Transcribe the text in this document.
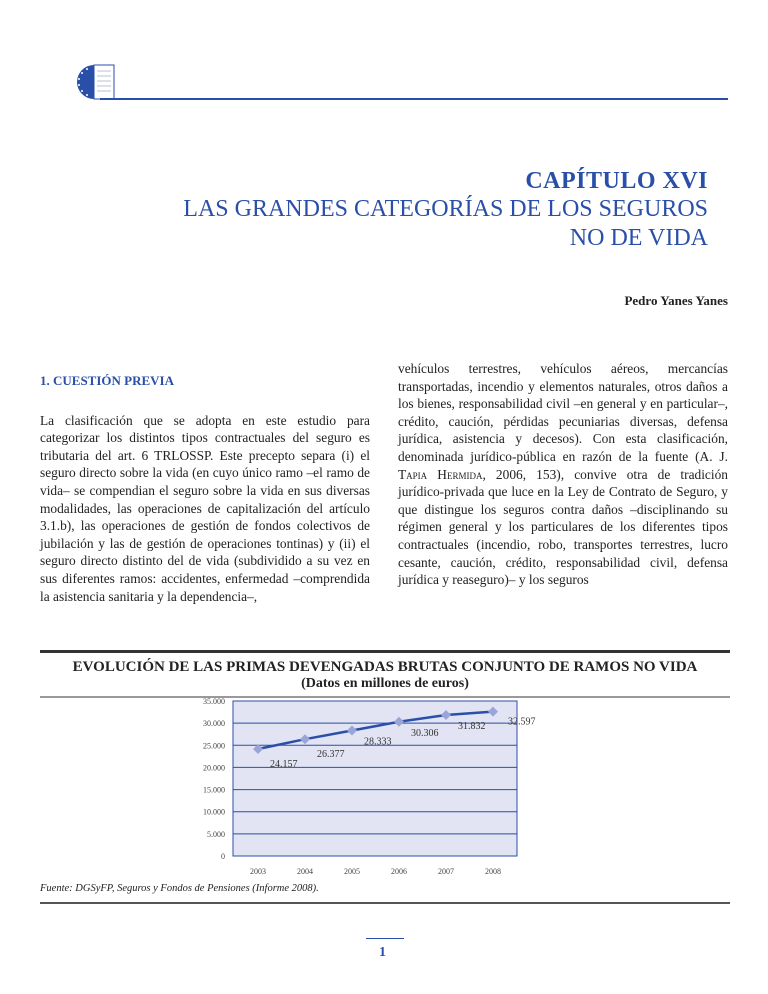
CAPÍTULO XVI
LAS GRANDES CATEGORÍAS DE LOS SEGUROS
NO DE VIDA
Pedro Yanes Yanes
1. CUESTIÓN PREVIA

La clasificación que se adopta en este estudio para categorizar los distintos tipos contractuales del seguro es tributaria del art. 6 TRLOSSP. Este precepto separa (i) el seguro directo sobre la vida (en cuyo único ramo –el ramo de vida– se compendian el seguro sobre la vida en sus diversas modalidades, las operaciones de capitalización del artículo 3.1.b), las operaciones de gestión de fondos colectivos de jubilación y las de gestión de operaciones tontinas) y (ii) el seguro directo distinto del de vida (subdividido a su vez en sus diferentes ramos: accidentes, enfermedad –comprendida la asistencia sanitaria y la dependencia–,

vehículos terrestres, vehículos aéreos, mercancías transportadas, incendio y elementos naturales, otros daños a los bienes, responsabilidad civil –en general y en particular–, crédito, caución, pérdidas pecuniarias diversas, defensa jurídica, asistencia y decesos). Con esta clasificación, denominada jurídico-pública en razón de la fuente (A. J. Tapia Hermida, 2006, 153), convive otra de tradición jurídico-privada que luce en la Ley de Contrato de Seguro, y que distingue los seguros contra daños –disciplinando su régimen general y los particulares de los diferentes tipos contractuales (incendio, robo, transportes terrestres, lucro cesante, caución, crédito, responsabilidad civil, defensa jurídica y reaseguro)– y los seguros

EVOLUCIÓN DE LAS PRIMAS DEVENGADAS BRUTAS CONJUNTO DE RAMOS NO VIDA
(Datos en millones de euros)
0
5.000
10.000
15.000
20.000
25.000
30.000
35.000
2003	2004	2005	2006	2007	2008
24.157
26.377
28.333
30.306
31.832 32.597
Fuente: DGSyFP, Seguros y Fondos de Pensiones (Informe 2008).
1
